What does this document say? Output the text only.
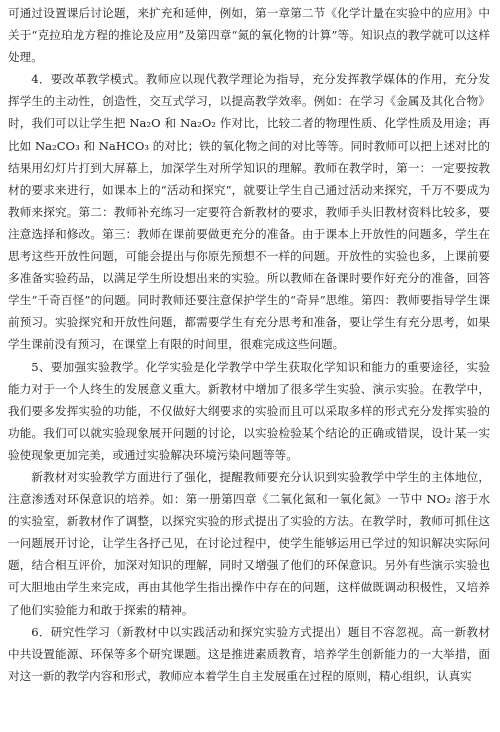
可通过设置课后讨论题，来扩充和延伸，例如，第一章第二节《化学计量在实验中的应用》中关于“克拉珀龙方程的推论及应用”及第四章“氮的氧化物的计算”等。知识点的教学就可以这样处理。

4．要改革教学模式。教师应以现代教学理论为指导，充分发挥教学媒体的作用，充分发挥学生的主动性，创造性，交互式学习，以提高教学效率。例如：在学习《金属及其化合物》时，我们可以让学生把 Na₂O 和 Na₂O₂ 作对比，比较二者的物理性质、化学性质及用途；再比如 Na₂CO₃ 和 NaHCO₃ 的对比；铁的氧化物之间的对比等等。同时教师可以把上述对比的结果用幻灯片打到大屏幕上，加深学生对所学知识的理解。教师在教学时，第一：一定要按教材的要求来进行，如课本上的“活动和探究”，就要让学生自己通过活动来探究，千万不要成为教师来探究。第二：教师补充练习一定要符合新教材的要求，教师手头旧教材资料比较多，要注意选择和修改。第三：教师在课前要做更充分的准备。由于课本上开放性的问题多，学生在思考这些开放性问题，可能会提出与你原先预想不一样的问题。开放性的实验也多，上课前要多准备实验药品，以满足学生所设想出来的实验。所以教师在备课时要作好充分的准备，回答学生“千奇百怪”的问题。同时教师还要注意保护学生的“奇异”思维。第四：教师要指导学生课前预习。实验探究和开放性问题，都需要学生有充分思考和准备，要让学生有充分思考，如果学生课前没有预习，在课堂上有限的时间里，很难完成这些问题。

5、要加强实验教学。化学实验是化学教学中学生获取化学知识和能力的重要途径，实验能力对于一个人终生的发展意义重大。新教材中增加了很多学生实验、演示实验。在教学中，我们要多发挥实验的功能，不仅做好大纲要求的实验而且可以采取多样的形式充分发挥实验的功能。我们可以就实验现象展开问题的讨论，以实验检验某个结论的正确或错误，设计某一实验使现象更加完美，或通过实验解决环境污染问题等等。

新教材对实验教学方面进行了强化，提醒教师要充分认识到实验教学中学生的主体地位，注意渗透对环保意识的培养。如：第一册第四章《二氧化氮和一氧化氮》一节中 NO₂ 溶于水的实验室，新教材作了调整，以探究实验的形式提出了实验的方法。在教学时，教师可抓住这一问题展开讨论，让学生各抒己见，在讨论过程中，使学生能够运用已学过的知识解决实际问题，结合相互评价，加深对知识的理解，同时又增强了他们的环保意识。另外有些演示实验也可大胆地由学生来完成，再由其他学生指出操作中存在的问题，这样做既调动积极性，又培养了他们实验能力和敢于探索的精神。

6．研究性学习（新教材中以实践活动和探究实验方式提出）题目不容忽视。高一新教材中共设置能源、环保等多个研究课题。这是推进素质教育，培养学生创新能力的一大举措，面对这一新的教学内容和形式，教师应本着学生自主发展重在过程的原则，精心组织，认真实
